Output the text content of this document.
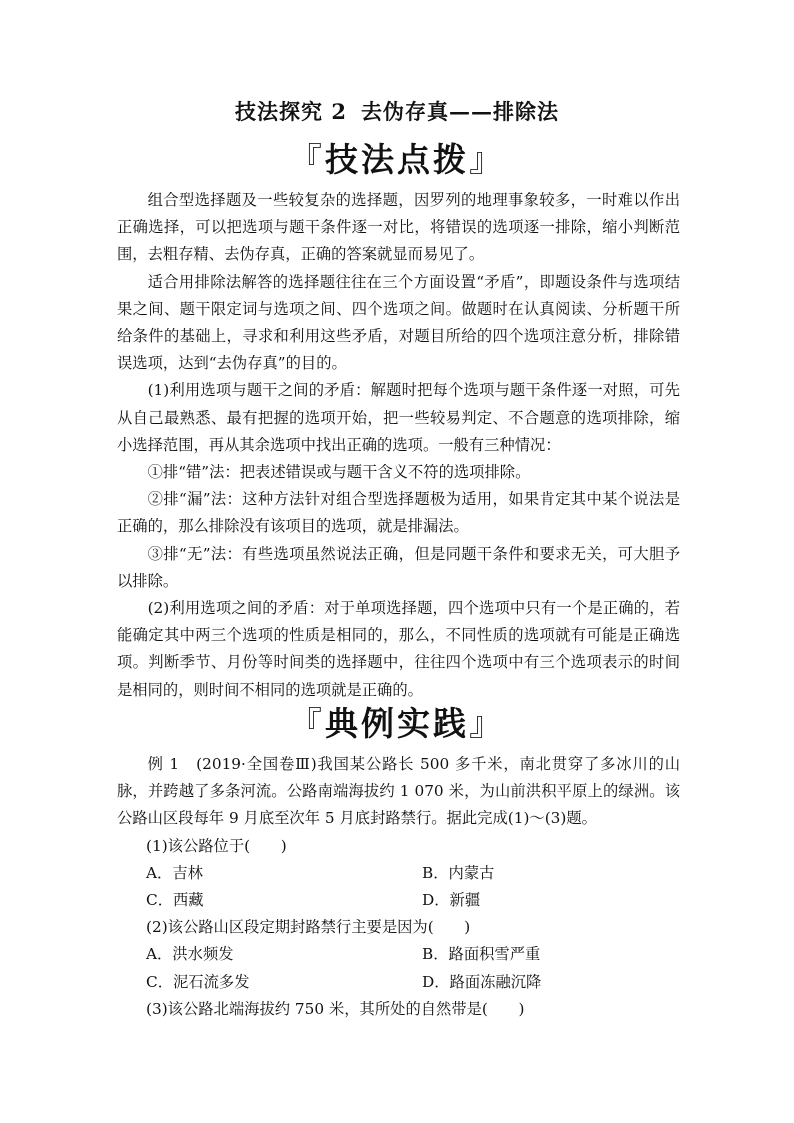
技法探究 2 去伪存真——排除法
『技法点拨』

组合型选择题及一些较复杂的选择题，因罗列的地理事象较多，一时难以作出正确选择，可以把选项与题干条件逐一对比，将错误的选项逐一排除，缩小判断范围，去粗存精、去伪存真，正确的答案就显而易见了。

适合用排除法解答的选择题往往在三个方面设置“矛盾”，即题设条件与选项结果之间、题干限定词与选项之间、四个选项之间。做题时在认真阅读、分析题干所给条件的基础上，寻求和利用这些矛盾，对题目所给的四个选项注意分析，排除错误选项，达到“去伪存真”的目的。

(1)利用选项与题干之间的矛盾：解题时把每个选项与题干条件逐一对照，可先从自己最熟悉、最有把握的选项开始，把一些较易判定、不合题意的选项排除，缩小选择范围，再从其余选项中找出正确的选项。一般有三种情况：

①排“错”法：把表述错误或与题干含义不符的选项排除。

②排“漏”法：这种方法针对组合型选择题极为适用，如果肯定其中某个说法是正确的，那么排除没有该项目的选项，就是排漏法。

③排“无”法：有些选项虽然说法正确，但是同题干条件和要求无关，可大胆予以排除。

(2)利用选项之间的矛盾：对于单项选择题，四个选项中只有一个是正确的，若能确定其中两三个选项的性质是相同的，那么，不同性质的选项就有可能是正确选项。判断季节、月份等时间类的选择题中，往往四个选项中有三个选项表示的时间是相同的，则时间不相同的选项就是正确的。

『典例实践』

例 1　(2019·全国卷Ⅲ)我国某公路长 500 多千米，南北贯穿了多冰川的山脉，并跨越了多条河流。公路南端海拔约 1 070 米，为山前洪积平原上的绿洲。该公路山区段每年 9 月底至次年 5 月底封路禁行。据此完成(1)～(3)题。

(1)该公路位于(　　)

A．吉林	B．内蒙古
C．西藏	D．新疆

(2)该公路山区段定期封路禁行主要是因为(　　)

A．洪水频发	B．路面积雪严重
C．泥石流多发	D．路面冻融沉降

(3)该公路北端海拔约 750 米，其所处的自然带是(　　)
